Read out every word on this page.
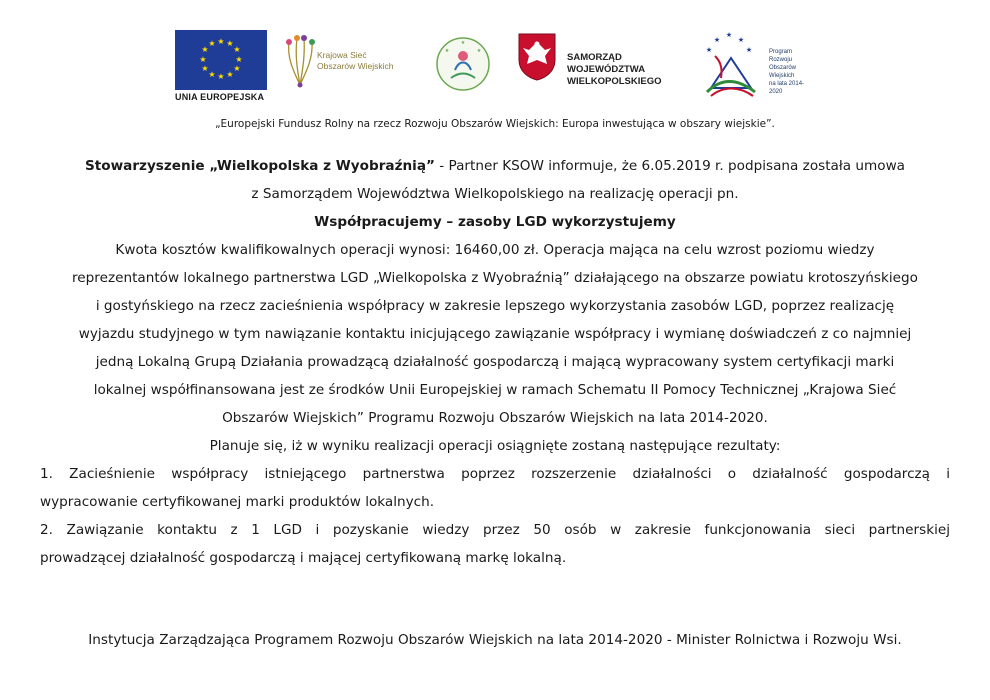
★ ★
★
★
★
★
★
★
★
★
★
★
UNIA EUROPEJSKA
Krajowa Sieć
Obszarów Wiejskich
★	★
★
SAMORZĄD WOJEWÓDZTWA
WIELKOPOLSKIEGO
★
★
★
★
★	Program
Rozwoju
Obszarów
Wiejskich
na lata 2014-2020
„Europejski Fundusz Rolny na rzecz Rozwoju Obszarów Wiejskich: Europa inwestująca w obszary wiejskie”.

Stowarzyszenie „Wielkopolska z Wyobraźnią” - Partner KSOW informuje, że 6.05.2019 r. podpisana została umowa

z Samorządem Województwa Wielkopolskiego na realizację operacji pn.

Współpracujemy – zasoby LGD wykorzystujemy

Kwota kosztów kwalifikowalnych operacji wynosi: 16460,00 zł. Operacja mająca na celu wzrost poziomu wiedzy

reprezentantów lokalnego partnerstwa LGD „Wielkopolska z Wyobraźnią” działającego na obszarze powiatu krotoszyńskiego

i gostyńskiego na rzecz zacieśnienia współpracy w zakresie lepszego wykorzystania zasobów LGD, poprzez realizację

wyjazdu studyjnego w tym nawiązanie kontaktu inicjującego zawiązanie współpracy i wymianę doświadczeń z co najmniej

jedną Lokalną Grupą Działania prowadzącą działalność gospodarczą i mającą wypracowany system certyfikacji marki

lokalnej współfinansowana jest ze środków Unii Europejskiej w ramach Schematu II Pomocy Technicznej „Krajowa Sieć

Obszarów Wiejskich” Programu Rozwoju Obszarów Wiejskich na lata 2014-2020.

Planuje się, iż w wyniku realizacji operacji osiągnięte zostaną następujące rezultaty:

1. Zacieśnienie współpracy istniejącego partnerstwa poprzez rozszerzenie działalności o działalność gospodarczą i

wypracowanie certyfikowanej marki produktów lokalnych.

2. Zawiązanie kontaktu z 1 LGD i pozyskanie wiedzy przez 50 osób w zakresie funkcjonowania sieci partnerskiej

prowadzącej działalność gospodarczą i mającej certyfikowaną markę lokalną.

Instytucja Zarządzająca Programem Rozwoju Obszarów Wiejskich na lata 2014-2020 - Minister Rolnictwa i Rozwoju Wsi.
